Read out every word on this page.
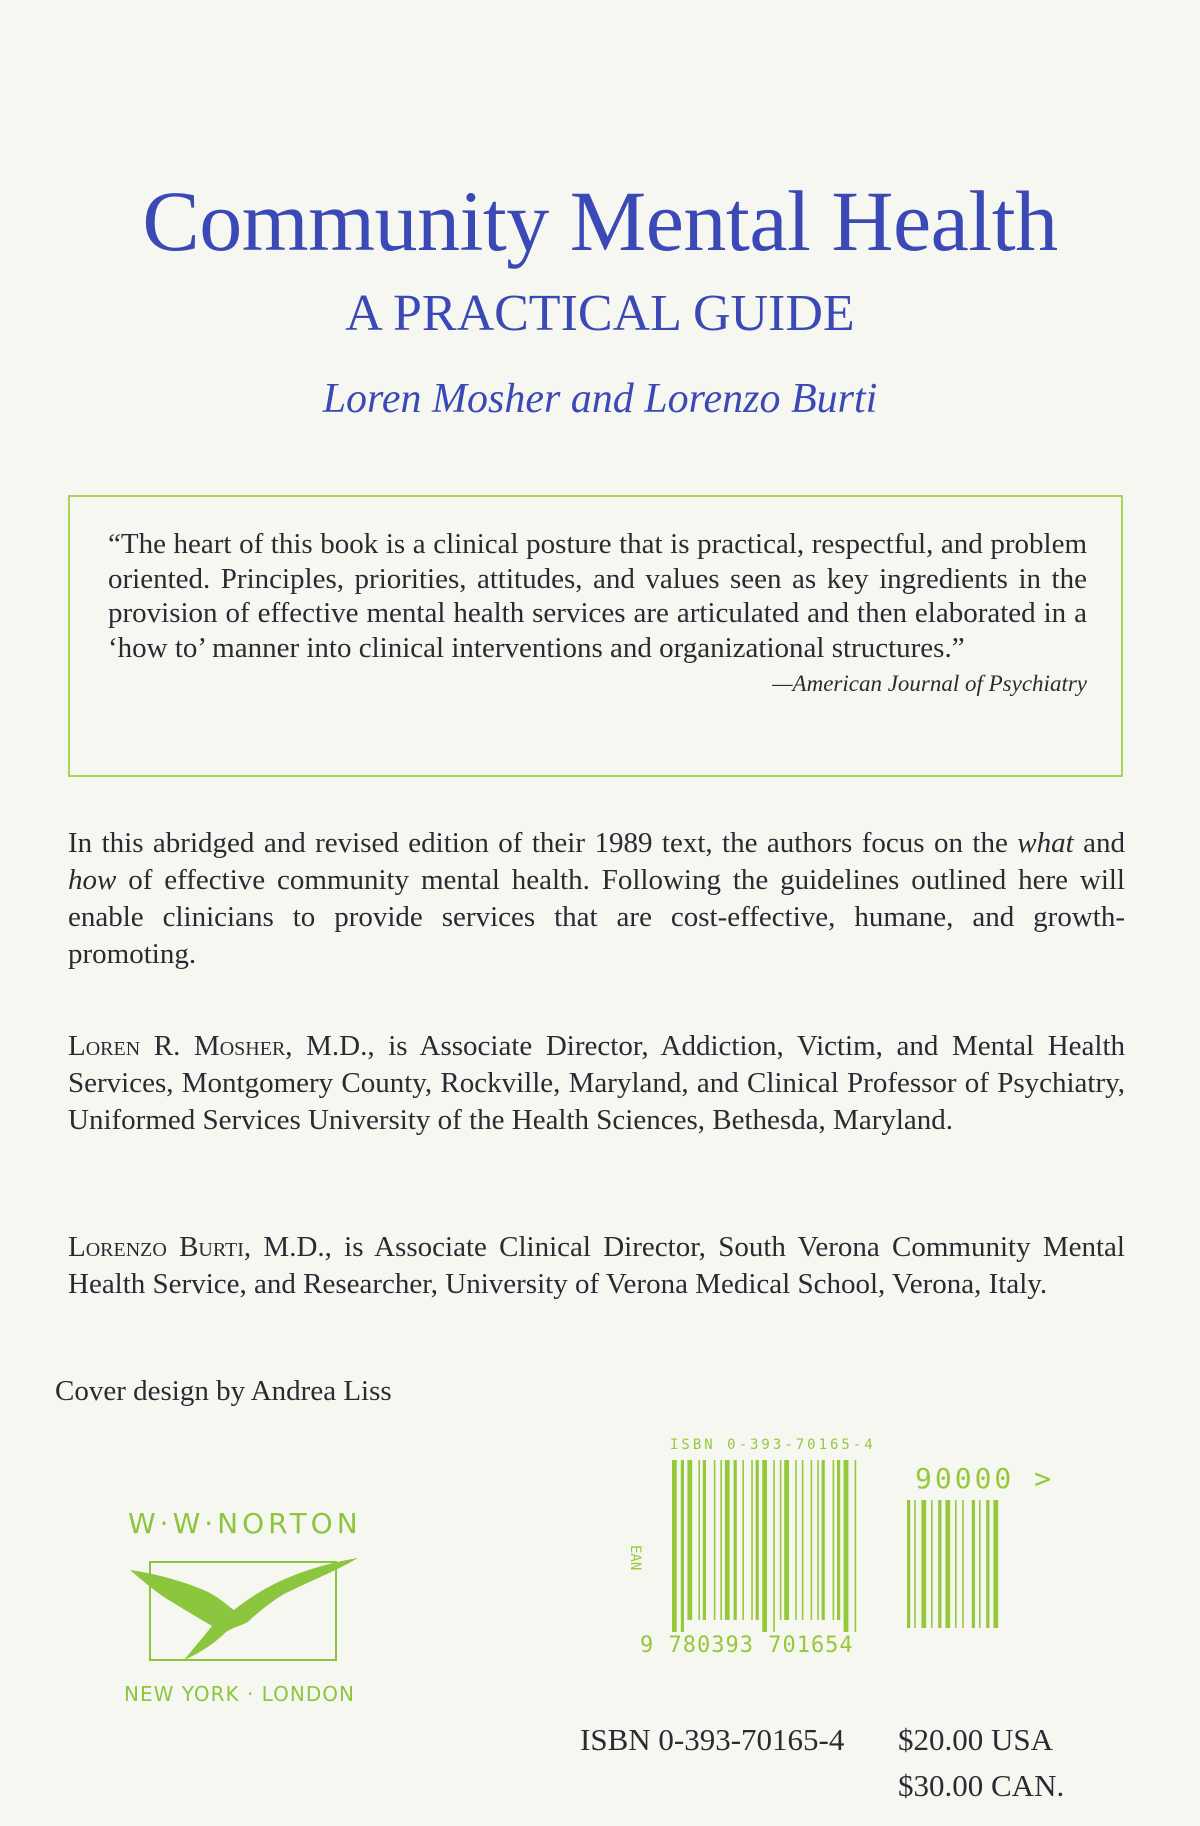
Community Mental Health
A PRACTICAL GUIDE
Loren Mosher and Lorenzo Burti

“The heart of this book is a clinical posture that is practical, respectful, and problem oriented. Principles, priorities, attitudes, and values seen as key ingredients in the provision of effective mental health services are articulated and then elaborated in a ‘how to’ manner into clinical interventions and organizational structures.”

—American Journal of Psychiatry

In this abridged and revised edition of their 1989 text, the authors focus on the what and how of effective community mental health. Following the guidelines outlined here will enable clinicians to provide services that are cost-effective, humane, and growth-promoting.

Loren R. Mosher, M.D., is Associate Director, Addiction, Victim, and Mental Health Services, Montgomery County, Rockville, Maryland, and Clinical Professor of Psychiatry, Uniformed Services University of the Health Sciences, Bethesda, Maryland.

Lorenzo Burti, M.D., is Associate Clinical Director, South Verona Community Mental Health Service, and Researcher, University of Verona Medical School, Verona, Italy.

Cover design by Andrea Liss
W·W·NORTON
NEW YORK · LONDON
ISBN 0-393-70165-4
EAN
9 780393 701654
90000 >
ISBN 0-393-70165-4 $20.00 USA
$30.00 CAN.
